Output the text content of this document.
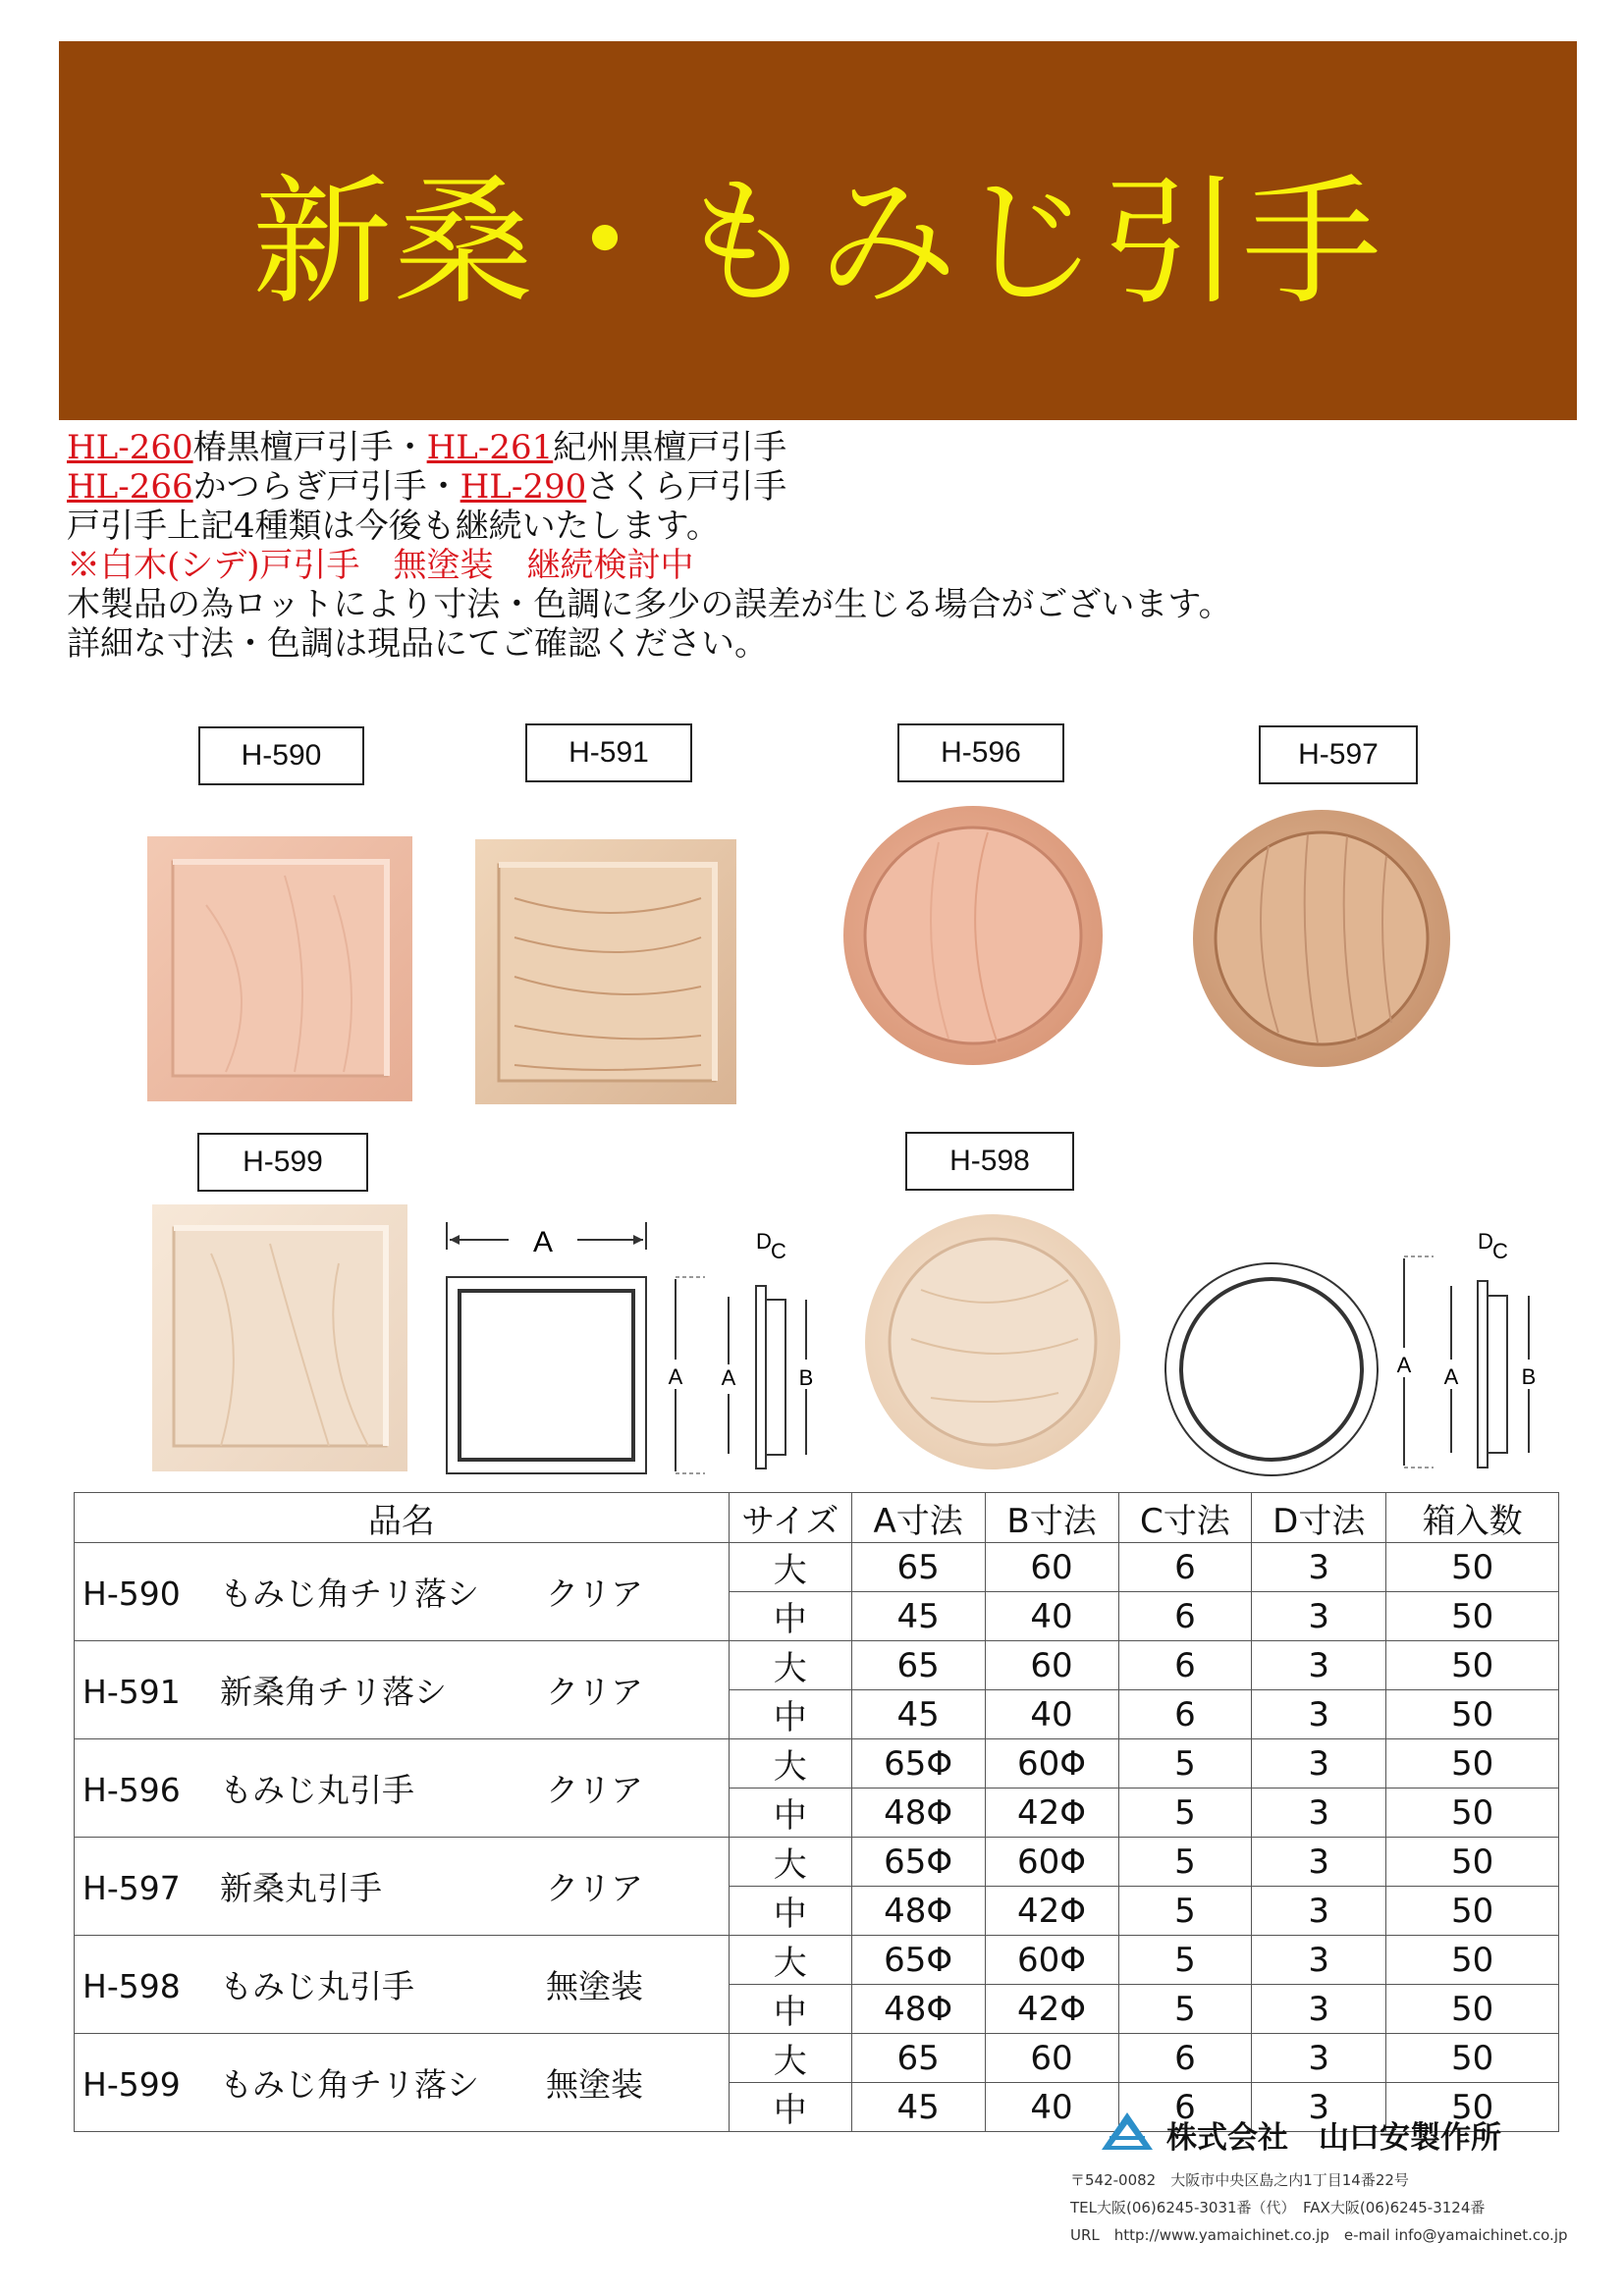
新桑・もみじ引手
HL-260椿黒檀戸引手・HL-261紀州黒檀戸引手
HL-266かつらぎ戸引手・HL-290さくら戸引手
戸引手上記4種類は今後も継続いたします。
※白木(シデ)戸引手　無塗装　継続検討中
木製品の為ロットにより寸法・色調に多少の誤差が生じる場合がございます。
詳細な寸法・色調は現品にてご確認ください。
H-590	H-591	H-596	H-597
H-599	H-598
A
A A
D C
B
A A
D C
B
品名	サイズ	A寸法	B寸法	C寸法	D寸法	箱入数
H-590 もみじ角チリ落シ クリア	大	65	60	6	3	50
	中	45	40	6	3	50
H-591 新桑角チリ落シ クリア	大	65	60	6	3	50
	中	45	40	6	3	50
H-596 もみじ丸引手 クリア	大	65Φ	60Φ	5	3	50
	中	48Φ	42Φ	5	3	50
H-597 新桑丸引手 クリア	大	65Φ	60Φ	5	3	50
	中	48Φ	42Φ	5	3	50
H-598 もみじ丸引手 無塗装	大	65Φ	60Φ	5	3	50
	中	48Φ	42Φ	5	3	50
H-599 もみじ角チリ落シ 無塗装	大	65	60	6	3	50
	中	45	40	6	3	50
株式会社　山口安製作所
〒542-0082　大阪市中央区島之内1丁目14番22号
TEL大阪(06)6245-3031番（代）　FAX大阪(06)6245-3124番
URL　http://www.yamaichinet.co.jp　e-mail info@yamaichinet.co.jp
